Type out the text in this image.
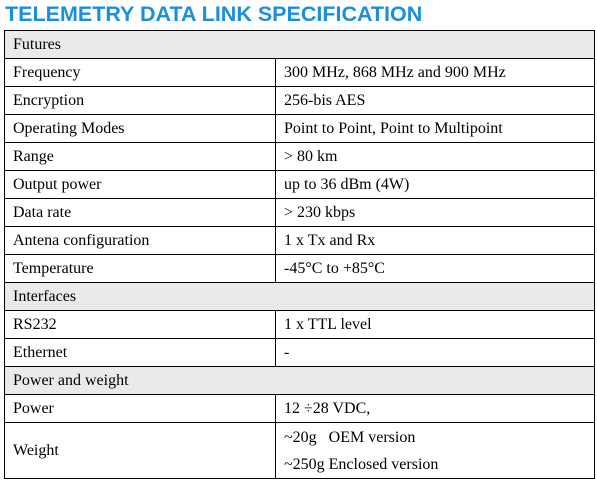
TELEMETRY DATA LINK SPECIFICATION
Futures	
Frequency	300 MHz, 868 MHz and 900 MHz
Encryption	256-bis AES
Operating Modes	Point to Point, Point to Multipoint
Range	> 80 km
Output power	up to 36 dBm (4W)
Data rate	> 230 kbps
Antena configuration	1 x Tx and Rx
Temperature	-45°C to +85°C
Interfaces	
RS232	1 x TTL level
Ethernet	-
Power and weight	
Power	12 ÷28 VDC,
Weight	~20g   OEM version
~250g Enclosed version
